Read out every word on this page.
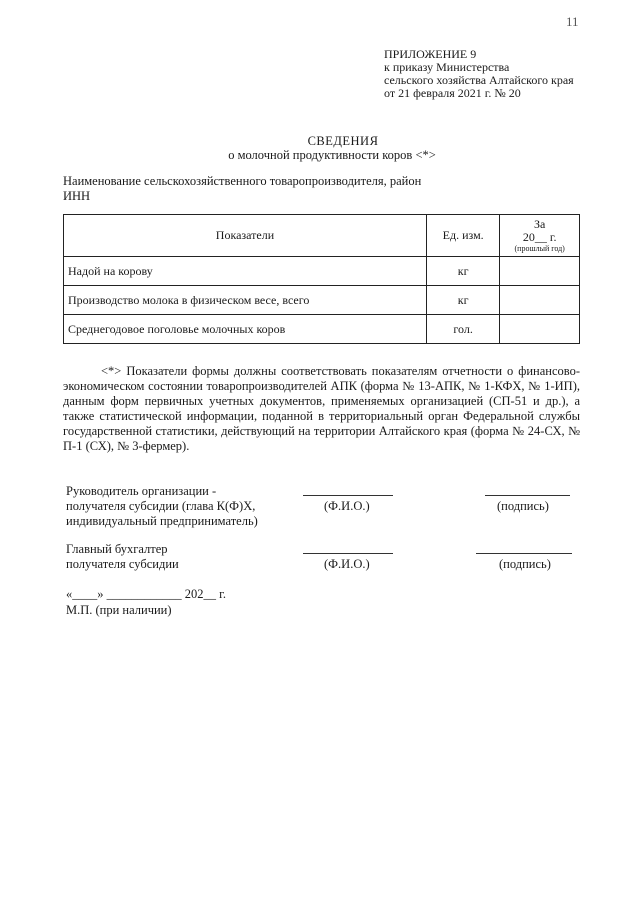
11
ПРИЛОЖЕНИЕ 9
к приказу Министерства
сельского хозяйства Алтайского края
от 21 февраля 2021 г. № 20
СВЕДЕНИЯ
о молочной продуктивности коров <*>
Наименование сельскохозяйственного товаропроизводителя, район
ИНН
Показатели	Ед. изм.	За
20__ г.
(прошлый год)

Надой на корову	кг	
Производство молока в физическом весе, всего	кг	
Среднегодовое поголовье молочных коров	гол.	

<*> Показатели формы должны соответствовать показателям отчетности о финансово-экономическом состоянии товаропроизводителей АПК (форма № 13-АПК, № 1-КФХ, № 1-ИП), данным форм первичных учетных документов, применяемых организацией (СП-51 и др.), а также статистической информации, поданной в территориальный орган Федеральной службы государственной статистики, действующий на территории Алтайского края (форма № 24-СХ, № П-1 (СХ), № 3-фермер).

Руководитель организации -
получателя субсидии (глава К(Ф)Х,
индивидуальный предприниматель)
(Ф.И.О.)	(подпись)
Главный бухгалтер
получателя субсидии	(Ф.И.О.)	(подпись)
«____» ____________ 202__ г.
М.П. (при наличии)
